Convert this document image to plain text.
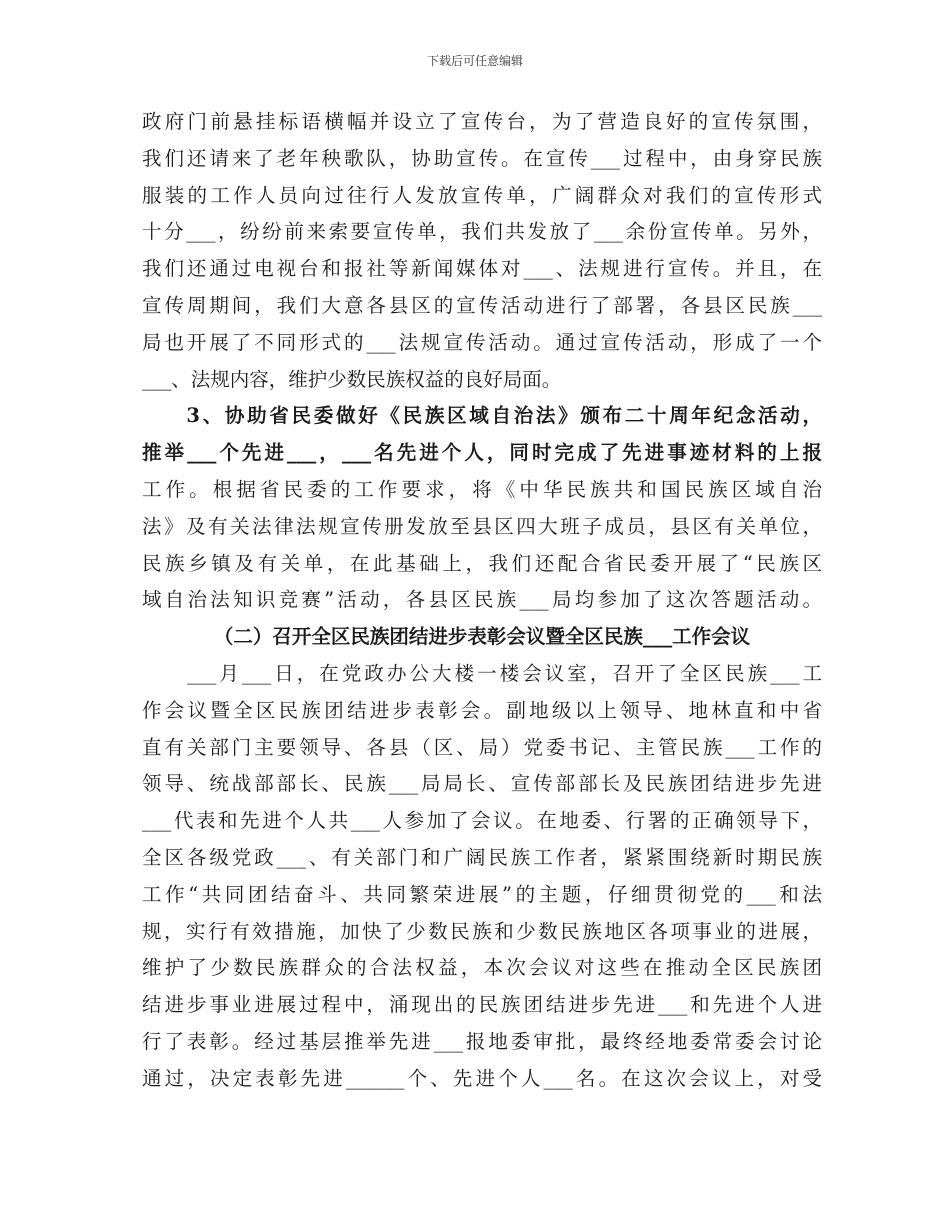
下载后可任意编辑
政府门前悬挂标语横幅并设立了宣传台，为了营造良好的宣传氛围，
我们还请来了老年秧歌队，协助宣传。在宣传___过程中，由身穿民族
服装的工作人员向过往行人发放宣传单，广阔群众对我们的宣传形式
十分___，纷纷前来索要宣传单，我们共发放了___余份宣传单。另外，
我们还通过电视台和报社等新闻媒体对___、法规进行宣传。并且，在
宣传周期间，我们大意各县区的宣传活动进行了部署，各县区民族___
局也开展了不同形式的___法规宣传活动。通过宣传活动，形成了一个
___、法规内容，维护少数民族权益的良好局面。
　　3、协助省民委做好《民族区域自治法》颁布二十周年纪念活动，
推举___个先进___，___名先进个人，同时完成了先进事迹材料的上报
工作。根据省民委的工作要求，将《中华民族共和国民族区域自治
法》及有关法律法规宣传册发放至县区四大班子成员，县区有关单位，
民族乡镇及有关单，在此基础上，我们还配合省民委开展了“民族区
域自治法知识竞赛”活动，各县区民族___局均参加了这次答题活动。
（二）召开全区民族团结进步表彰会议暨全区民族___工作会议
　　___月___日，在党政办公大楼一楼会议室，召开了全区民族___工
作会议暨全区民族团结进步表彰会。副地级以上领导、地林直和中省
直有关部门主要领导、各县（区、局）党委书记、主管民族___工作的
领导、统战部部长、民族___局局长、宣传部部长及民族团结进步先进
___代表和先进个人共___人参加了会议。在地委、行署的正确领导下，
全区各级党政___、有关部门和广阔民族工作者，紧紧围绕新时期民族
工作“共同团结奋斗、共同繁荣进展”的主题，仔细贯彻党的___和法
规，实行有效措施，加快了少数民族和少数民族地区各项事业的进展，
维护了少数民族群众的合法权益，本次会议对这些在推动全区民族团
结进步事业进展过程中，涌现出的民族团结进步先进___和先进个人进
行了表彰。经过基层推举先进___报地委审批，最终经地委常委会讨论
通过，决定表彰先进______个、先进个人___名。在这次会议上，对受
